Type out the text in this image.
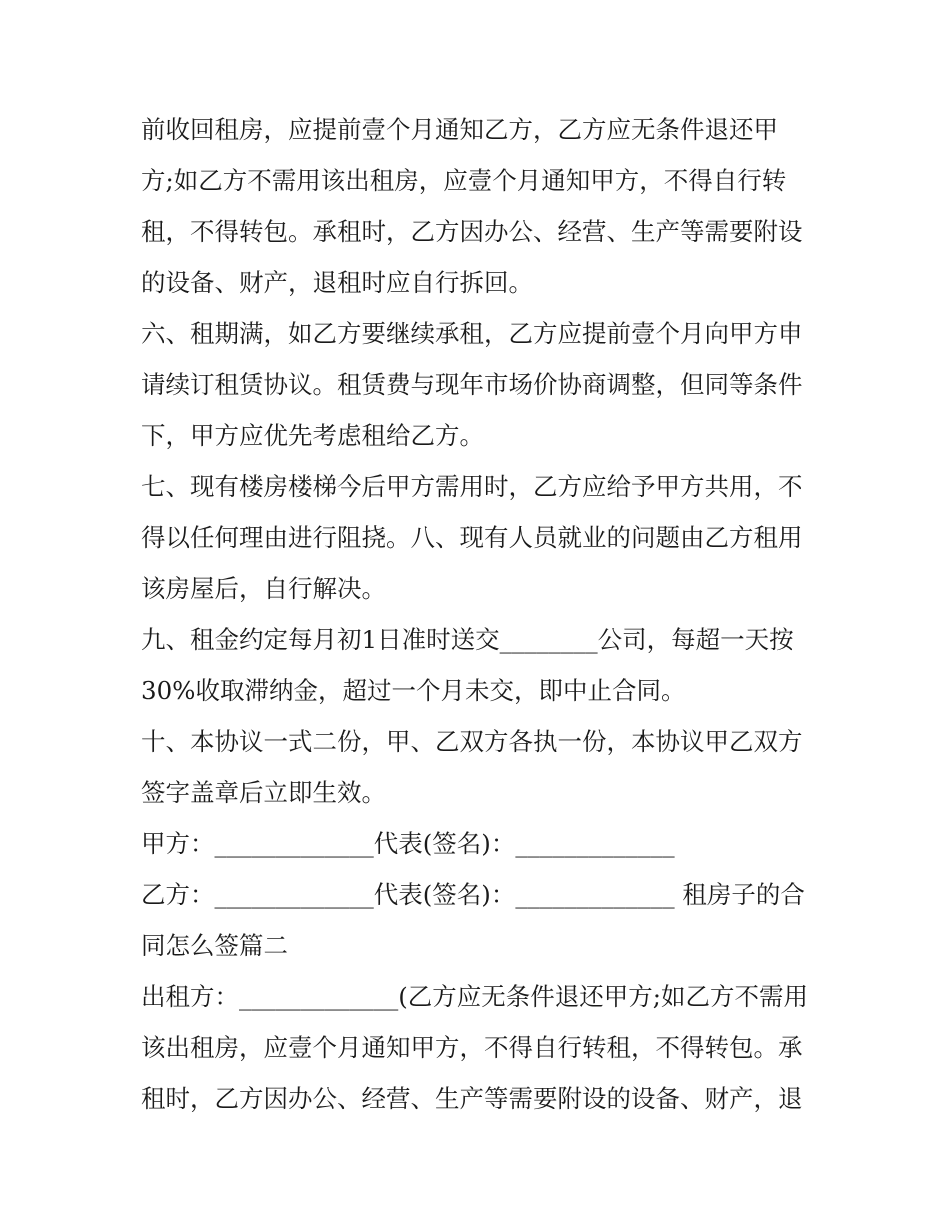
前收回租房，应提前壹个月通知乙方，乙方应无条件退还甲
方;如乙方不需用该出租房，应壹个月通知甲方，不得自行转
租，不得转包。承租时，乙方因办公、经营、生产等需要附设
的设备、财产，退租时应自行拆回。
六、租期满，如乙方要继续承租，乙方应提前壹个月向甲方申
请续订租赁协议。租赁费与现年市场价协商调整，但同等条件
下，甲方应优先考虑租给乙方。
七、现有楼房楼梯今后甲方需用时，乙方应给予甲方共用，不
得以任何理由进行阻挠。八、现有人员就业的问题由乙方租用
该房屋后，自行解决。
九、租金约定每月初1日准时送交________公司，每超一天按
30%收取滞纳金，超过一个月未交，即中止合同。
十、本协议一式二份，甲、乙双方各执一份，本协议甲乙双方
签字盖章后立即生效。
甲方：_____________代表(签名)：_____________
乙方：_____________代表(签名)：_____________ 租房子的合
同怎么签篇二
出租方：_____________(乙方应无条件退还甲方;如乙方不需用
该出租房，应壹个月通知甲方，不得自行转租，不得转包。承
租时，乙方因办公、经营、生产等需要附设的设备、财产，退
